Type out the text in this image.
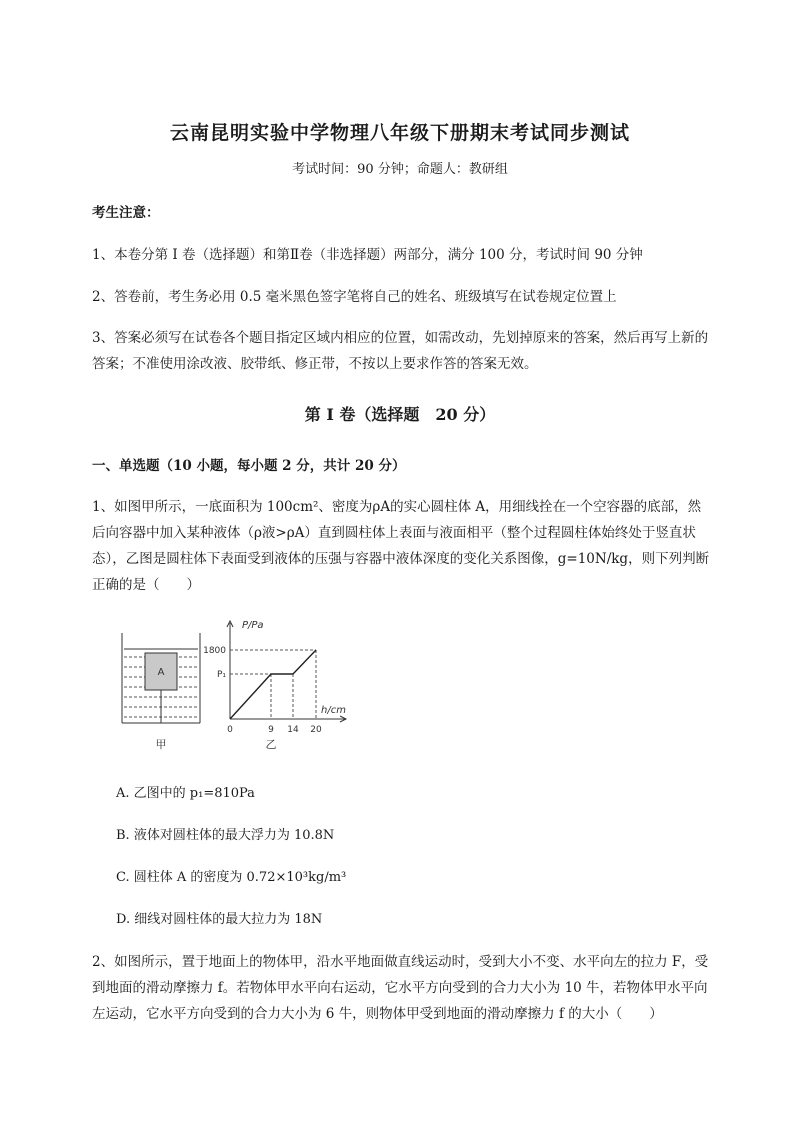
云南昆明实验中学物理八年级下册期末考试同步测试
考试时间：90 分钟；命题人：教研组
考生注意：
1、本卷分第 I 卷（选择题）和第Ⅱ卷（非选择题）两部分，满分 100 分，考试时间 90 分钟
2、答卷前，考生务必用 0.5 毫米黑色签字笔将自己的姓名、班级填写在试卷规定位置上
3、答案必须写在试卷各个题目指定区域内相应的位置，如需改动，先划掉原来的答案，然后再写上新的答案；不准使用涂改液、胶带纸、修正带，不按以上要求作答的答案无效。
第 I 卷（选择题　20 分）
一、单选题（10 小题，每小题 2 分，共计 20 分）
1、如图甲所示，一底面积为 100cm²、密度为ρA的实心圆柱体 A，用细线拴在一个空容器的底部，然后向容器中加入某种液体（ρ液>ρA）直到圆柱体上表面与液面相平（整个过程圆柱体始终处于竖直状态），乙图是圆柱体下表面受到液体的压强与容器中液体深度的变化关系图像，g=10N/kg，则下列判断正确的是（　　）
A
甲
P/Pa
h/cm
1800
P₁
0	9 14 20
乙
A. 乙图中的 p₁=810Pa
B. 液体对圆柱体的最大浮力为 10.8N
C. 圆柱体 A 的密度为 0.72×10³kg/m³
D. 细线对圆柱体的最大拉力为 18N
2、如图所示，置于地面上的物体甲，沿水平地面做直线运动时，受到大小不变、水平向左的拉力 F，受到地面的滑动摩擦力 f。若物体甲水平向右运动，它水平方向受到的合力大小为 10 牛，若物体甲水平向左运动，它水平方向受到的合力大小为 6 牛，则物体甲受到地面的滑动摩擦力 f 的大小（　　）
